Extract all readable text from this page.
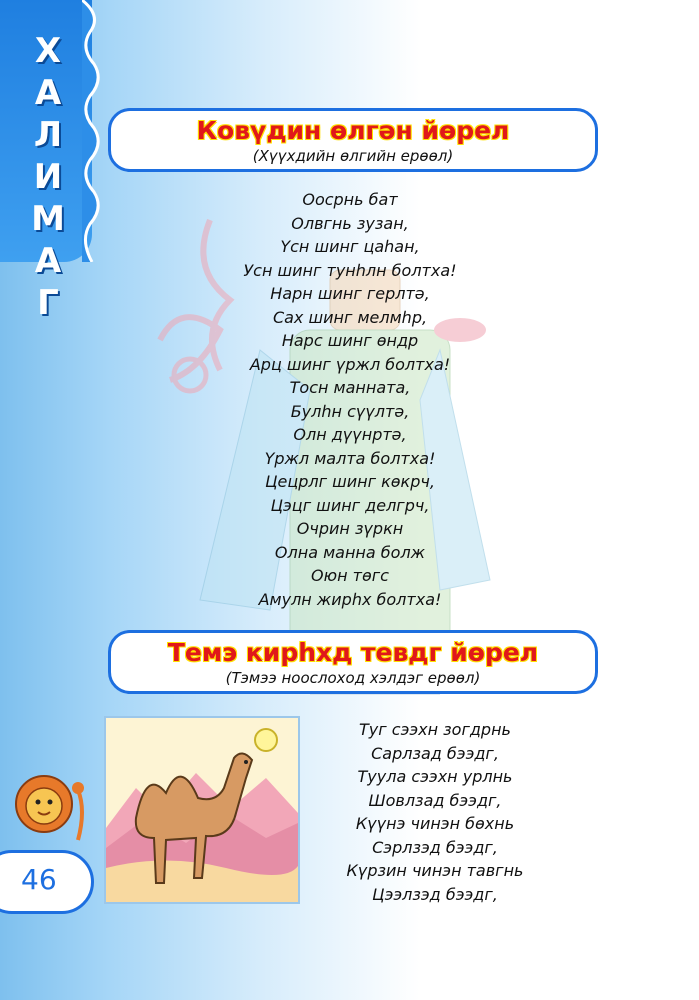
Х
А
Л
И
М
А
Г
Ковүдин өлгән йөрел
(Хүүхдийн өлгийн ерөөл)
Оосрнь бат
Олвгнь зузан,
Үсн шинг цаһан,
Усн шинг тунһлн болтха!
Нарн шинг герлтә,
Сах шинг мелмһр,
Нарс шинг өндр
Арц шинг үржл болтха!
Тосн манната,
Булһн сүүлтә,
Олн дүүнртә,
Үржл малта болтха!
Цецрлг шинг көкрч,
Цэцг шинг делгрч,
Очрин зүркн
Олна манна болж
Оюн төгс
Амулн жирһх болтха!
Темэ кирһхд тевдг йөрел
(Тэмээ ноослоход хэлдэг ерөөл)
Туг сээхн зогдрнь
Сарлзад бээдг,
Туула сээхн урлнь
Шовлзад бээдг,
Күүнэ чинэн бөхнь
Сэрлзэд бээдг,
Күрзин чинэн тавгнь
Цээлзэд бээдг,
46
